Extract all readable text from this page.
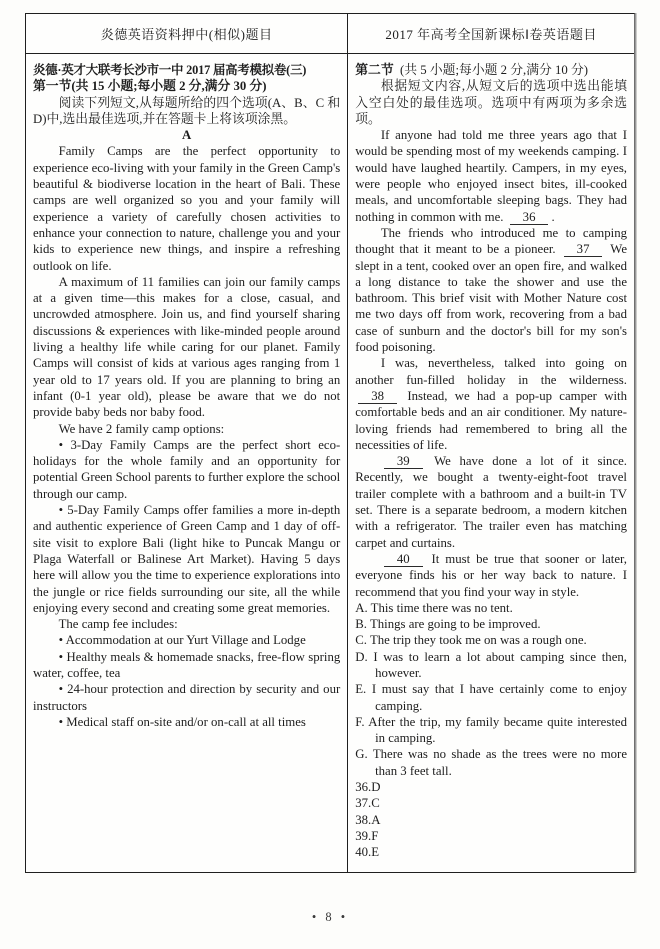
炎德英语资料押中(相似)题目	2017 年高考全国新课标Ⅰ卷英语题目

炎德·英才大联考长沙市一中 2017 届高考模拟卷(三)

第一节(共 15 小题;每小题 2 分,满分 30 分)

阅读下列短文,从每题所给的四个选项(A、B、C 和 D)中,选出最佳选项,并在答题卡上将该项涂黑。

A

Family Camps are the perfect opportunity to experience eco-living with your family in the Green Camp's beautiful & biodiverse location in the heart of Bali. These camps are well organized so you and your family will experience a variety of carefully chosen activities to enhance your connection to nature, challenge you and your kids to experience new things, and inspire a refreshing outlook on life.

A maximum of 11 families can join our family camps at a given time—this makes for a close, casual, and uncrowded atmosphere. Join us, and find yourself sharing discussions & experiences with like-minded people around living a healthy life while caring for our planet. Family Camps will consist of kids at various ages ranging from 1 year old to 17 years old. If you are planning to bring an infant (0-1 year old), please be aware that we do not provide baby beds nor baby food.

We have 2 family camp options:

• 3-Day Family Camps are the perfect short eco-holidays for the whole family and an opportunity for potential Green School parents to further explore the school through our camp.

• 5-Day Family Camps offer families a more in-depth and authentic experience of Green Camp and 1 day of off-site visit to explore Bali (light hike to Puncak Mangu or Plaga Waterfall or Balinese Art Market). Having 5 days here will allow you the time to experience explorations into the jungle or rice fields surrounding our site, all the while enjoying every second and creating some great memories.

The camp fee includes:

• Accommodation at our Yurt Village and Lodge

• Healthy meals & homemade snacks, free-flow spring water, coffee, tea

• 24-hour protection and direction by security and our instructors

• Medical staff on-site and/or on-call at all times

第二节 (共 5 小题;每小题 2 分,满分 10 分)

根据短文内容,从短文后的选项中选出能填入空白处的最佳选项。选项中有两项为多余选项。

If anyone had told me three years ago that I would be spending most of my weekends camping. I would have laughed heartily. Campers, in my eyes, were people who enjoyed insect bites, ill-cooked meals, and uncomfortable sleeping bags. They had nothing in common with me. 36 .

The friends who introduced me to camping thought that it meant to be a pioneer. 37 We slept in a tent, cooked over an open fire, and walked a long distance to take the shower and use the bathroom. This brief visit with Mother Nature cost me two days off from work, recovering from a bad case of sunburn and the doctor's bill for my son's food poisoning.

I was, nevertheless, talked into going on another fun-filled holiday in the wilderness. 38 Instead, we had a pop-up camper with comfortable beds and an air conditioner. My nature-loving friends had remembered to bring all the necessities of life.

39 We have done a lot of it since. Recently, we bought a twenty-eight-foot travel trailer complete with a bathroom and a built-in TV set. There is a separate bedroom, a modern kitchen with a refrigerator. The trailer even has matching carpet and curtains.

40 It must be true that sooner or later, everyone finds his or her way back to nature. I recommend that you find your way in style.

A. This time there was no tent.

B. Things are going to be improved.

C. The trip they took me on was a rough one.

D. I was to learn a lot about camping since then, however.

E. I must say that I have certainly come to enjoy camping.

F. After the trip, my family became quite interested in camping.

G. There was no shade as the trees were no more than 3 feet tall.

36.D

37.C

38.A

39.F

40.E

• 8 •
